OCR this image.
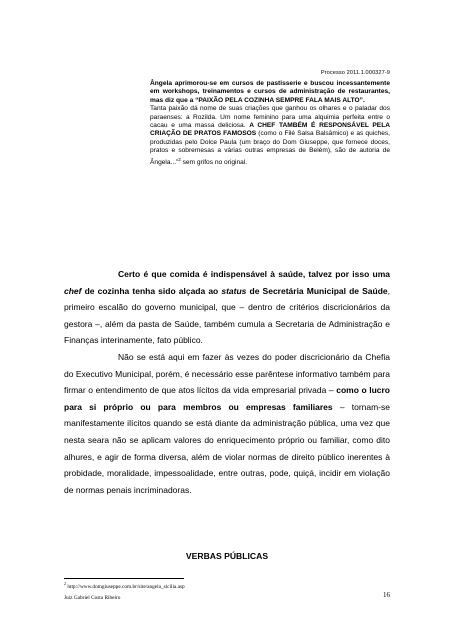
Processo 2011.1.000327-9

Ângela aprimorou-se em cursos de pastisserie e buscou incessantemente em workshops, treinamentos e cursos de administração de restaurantes, mas diz que a “PAIXÃO PELA COZINHA SEMPRE FALA MAIS ALTO”.

Tanta paixão dá nome de suas criações que ganhou os olhares e o paladar dos paraenses: a Rozilda. Um nome feminino para uma alquimia perfeita entre o cacau e uma massa deliciosa. A CHEF TAMBÉM É RESPONSÁVEL PELA CRIAÇÃO DE PRATOS FAMOSOS (como o Filé Salsa Balsâmico) e as quiches, produzidas pelo Dolce Paula (um braço do Dom Giuseppe, que fornece doces, pratos e sobremesas a várias outras empresas de Belém), são de autoria de Ângela...”$^2$ sem grifos no original.

Certo é que comida é indispensável à saúde, talvez por isso uma chef de cozinha tenha sido alçada ao status de Secretária Municipal de Saúde, primeiro escalão do governo municipal, que – dentro de critérios discricionários da gestora –, além da pasta de Saúde, também cumula a Secretaria de Administração e Finanças interinamente, fato público.

Não se está aqui em fazer às vezes do poder discricionário da Chefia do Executivo Municipal, porém, é necessário esse parêntese informativo também para firmar o entendimento de que atos lícitos da vida empresarial privada – como o lucro para si próprio ou para membros ou empresas familiares – tornam-se manifestamente ilícitos quando se está diante da administração pública, uma vez que nesta seara não se aplicam valores do enriquecimento próprio ou familiar, como dito alhures, e agir de forma diversa, além de violar normas de direito público inerentes à probidade, moralidade, impessoalidade, entre outras, pode, quiçá, incidir em violação de normas penais incriminadoras.

VERBAS PÚBLICAS
$^2$ http://www.domgiuseppe.com.br/site/angela_sicilia.asp
Juiz Gabriel Costa Ribeiro	16
